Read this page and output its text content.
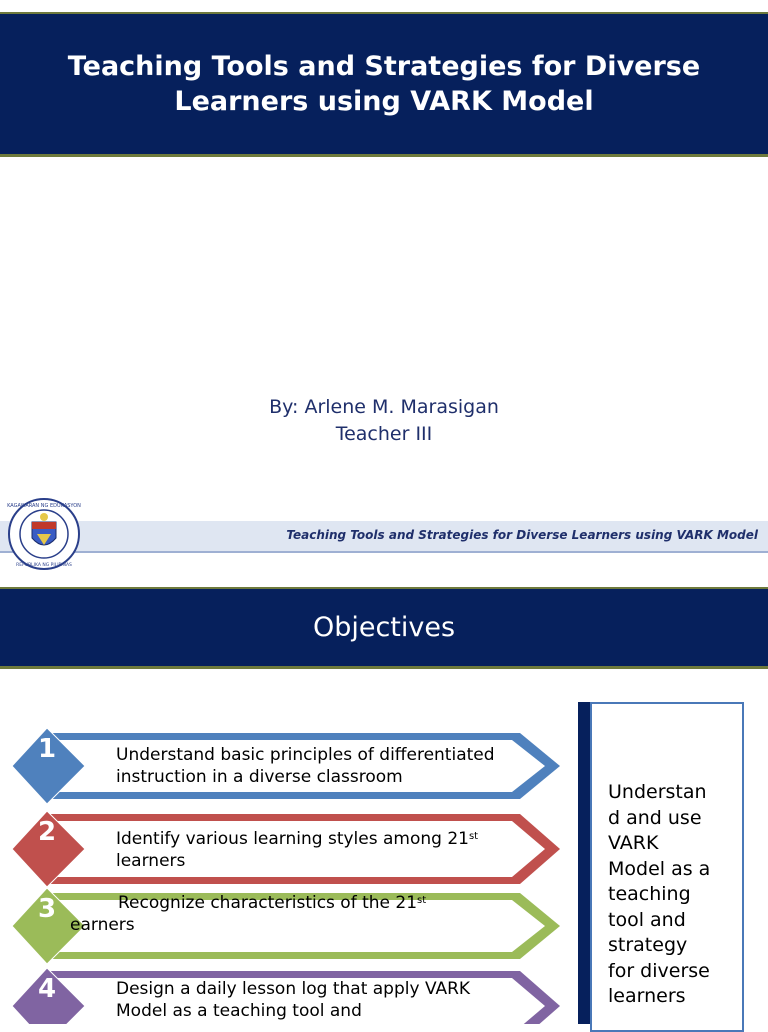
Teaching Tools and Strategies for Diverse Learners using VARK Model
By: Arlene M. Marasigan
Teacher III
Teaching Tools and Strategies for Diverse Learners using VARK Model
KAGAWARAN NG EDUKASYON
REPUBLIKA NG PILIPINAS
Objectives
1
2
3
4
Understand basic principles of differentiated instruction in a diverse classroom
Identify various learning styles among 21st learners
Recognize characteristics of the 21st
earners
Design a daily lesson log that apply VARK Model as a teaching tool and
Understan
d and use
VARK
Model as a
teaching
tool and
strategy
for diverse
learners
